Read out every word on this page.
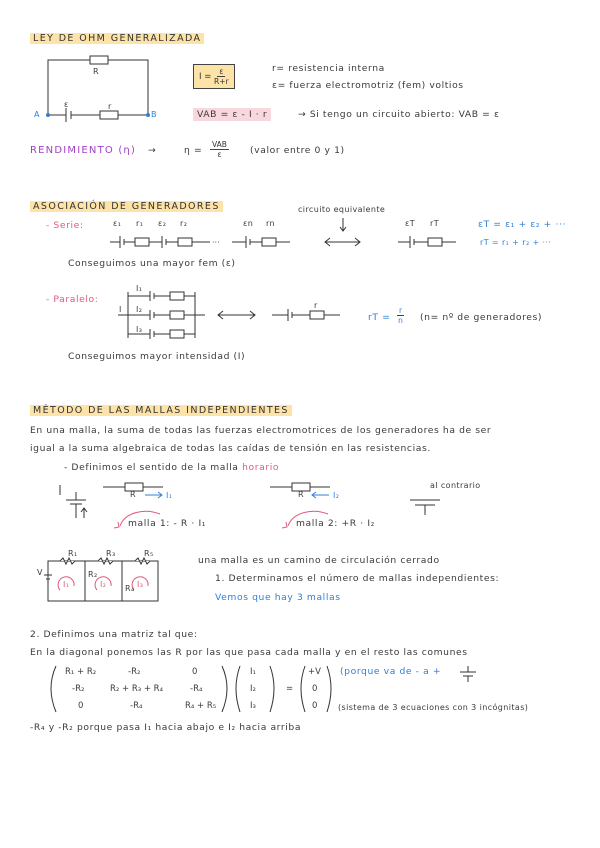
LEY DE OHM GENERALIZADA
···
R
ε	r
A	B
$I = \frac{\varepsilon}{R+r}$	r= resistencia interna
ε= fuerza electromotriz (fem) voltios
VAB = ε - I · r	→ Si tengo un circuito abierto: VAB = ε
RENDIMIENTO (η) →	η =
VAB
ε	(valor entre 0 y 1)
ASOCIACIÓN DE GENERADORES
- Serie:	ε₁ r₁ ε₂ r₂	εn rn
circuito equivalente
εT rT	εT = ε₁ + ε₂ + ···
rT = r₁ + r₂ + ···
Conseguimos una mayor fem (ε)
- Paralelo:
I₁
I₂
I₃
I	r
rT = $\frac{r}{n} (n=$ nº de generadores)
Conseguimos mayor intensidad (I)
MÉTODO DE LAS MALLAS INDEPENDIENTES
En una malla, la suma de todas las fuerzas electromotrices de los generadores ha de ser
igual a la suma algebraica de todas las caídas de tensión en las resistencias.
- Definimos el sentido de la malla horario
R	I₁	R	I₂
al contrario
malla 1: - R · I₁	malla 2: +R · I₂
R₁	R₃	R₅
R₂
R₄
I₁	I₂	I₃
V
una malla es un camino de circulación cerrado
1. Determinamos el número de mallas independientes:
Vemos que hay 3 mallas
2. Definimos una matriz tal que:
En la diagonal ponemos las R por las que pasa cada malla y en el resto las comunes
R₁ + R₂	-R₂	0
-R₂	R₂ + R₃ + R₄	-R₄
0	-R₄	R₄ + R₅
I₁
I₂
I₃
=
+V
0
0
(porque va de - a +
(sistema de 3 ecuaciones con 3 incógnitas)
-R₄ y -R₂ porque pasa I₁ hacia abajo e I₂ hacia arriba
